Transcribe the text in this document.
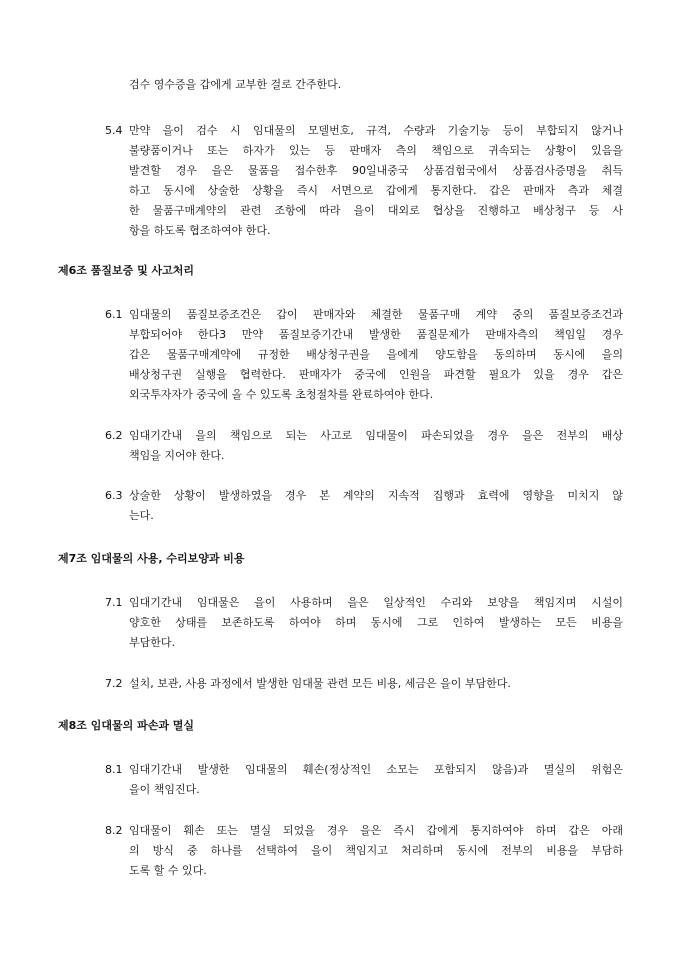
검수 영수증을 갑에게 교부한 걸로 간주한다.
5.4 만약 을이 검수 시 임대물의 모델번호, 규격, 수량과 기술기능 등이 부합되지 않거나
불량품이거나 또는 하자가 있는 등 판매자 측의 책임으로 귀속되는 상황이 있음을
발견할 경우 을은 물품을 접수한후 90일내중국 상품검험국에서 상품검사증명을 취득
하고 동시에 상술한 상황을 즉시 서면으로 갑에게 통지한다. 갑은 판매자 측과 체결
한 물품구매계약의 관련 조항에 따라 을이 대외로 협상을 진행하고 배상청구 등 사
항을 하도록 협조하여야 한다.
제6조 품질보증 및 사고처리
6.1 임대물의 품질보증조건은 갑이 판매자와 체결한 물품구매 계약 중의 품질보증조건과
부합되어야 한다3 만약 품질보증기간내 발생한 품질문제가 판매자측의 책임일 경우
갑은 물품구매계약에 규정한 배상청구권을 을에게 양도함을 동의하며 동시에 을의
배상청구권 실행을 협력한다. 판매자가 중국에 인원을 파견할 필요가 있을 경우 갑은
외국투자자가 중국에 올 수 있도록 초청절차를 완료하여야 한다.
6.2 임대기간내 을의 책임으로 되는 사고로 임대물이 파손되었을 경우 을은 전부의 배상
책임을 지어야 한다.
6.3 상술한 상황이 발생하였을 경우 본 계약의 지속적 집행과 효력에 영향을 미치지 않
는다.
제7조 임대물의 사용, 수리보양과 비용
7.1 임대기간내 임대물은 을이 사용하며 을은 일상적인 수리와 보양을 책임지며 시설이
양호한 상태를 보존하도록 하여야 하며 동시에 그로 인하여 발생하는 모든 비용을
부담한다.
7.2 설치, 보관, 사용 과정에서 발생한 임대물 관련 모든 비용, 세금은 을이 부담한다.
제8조 임대물의 파손과 멸실
8.1 임대기간내 발생한 임대물의 훼손(정상적인 소모는 포함되지 않음)과 멸실의 위험은
을이 책임진다.
8.2 임대물이 훼손 또는 멸실 되었을 경우 을은 즉시 갑에게 통지하여야 하며 갑은 아래
의 방식 중 하나를 선택하여 을이 책임지고 처리하며 동시에 전부의 비용을 부담하
도록 할 수 있다.
